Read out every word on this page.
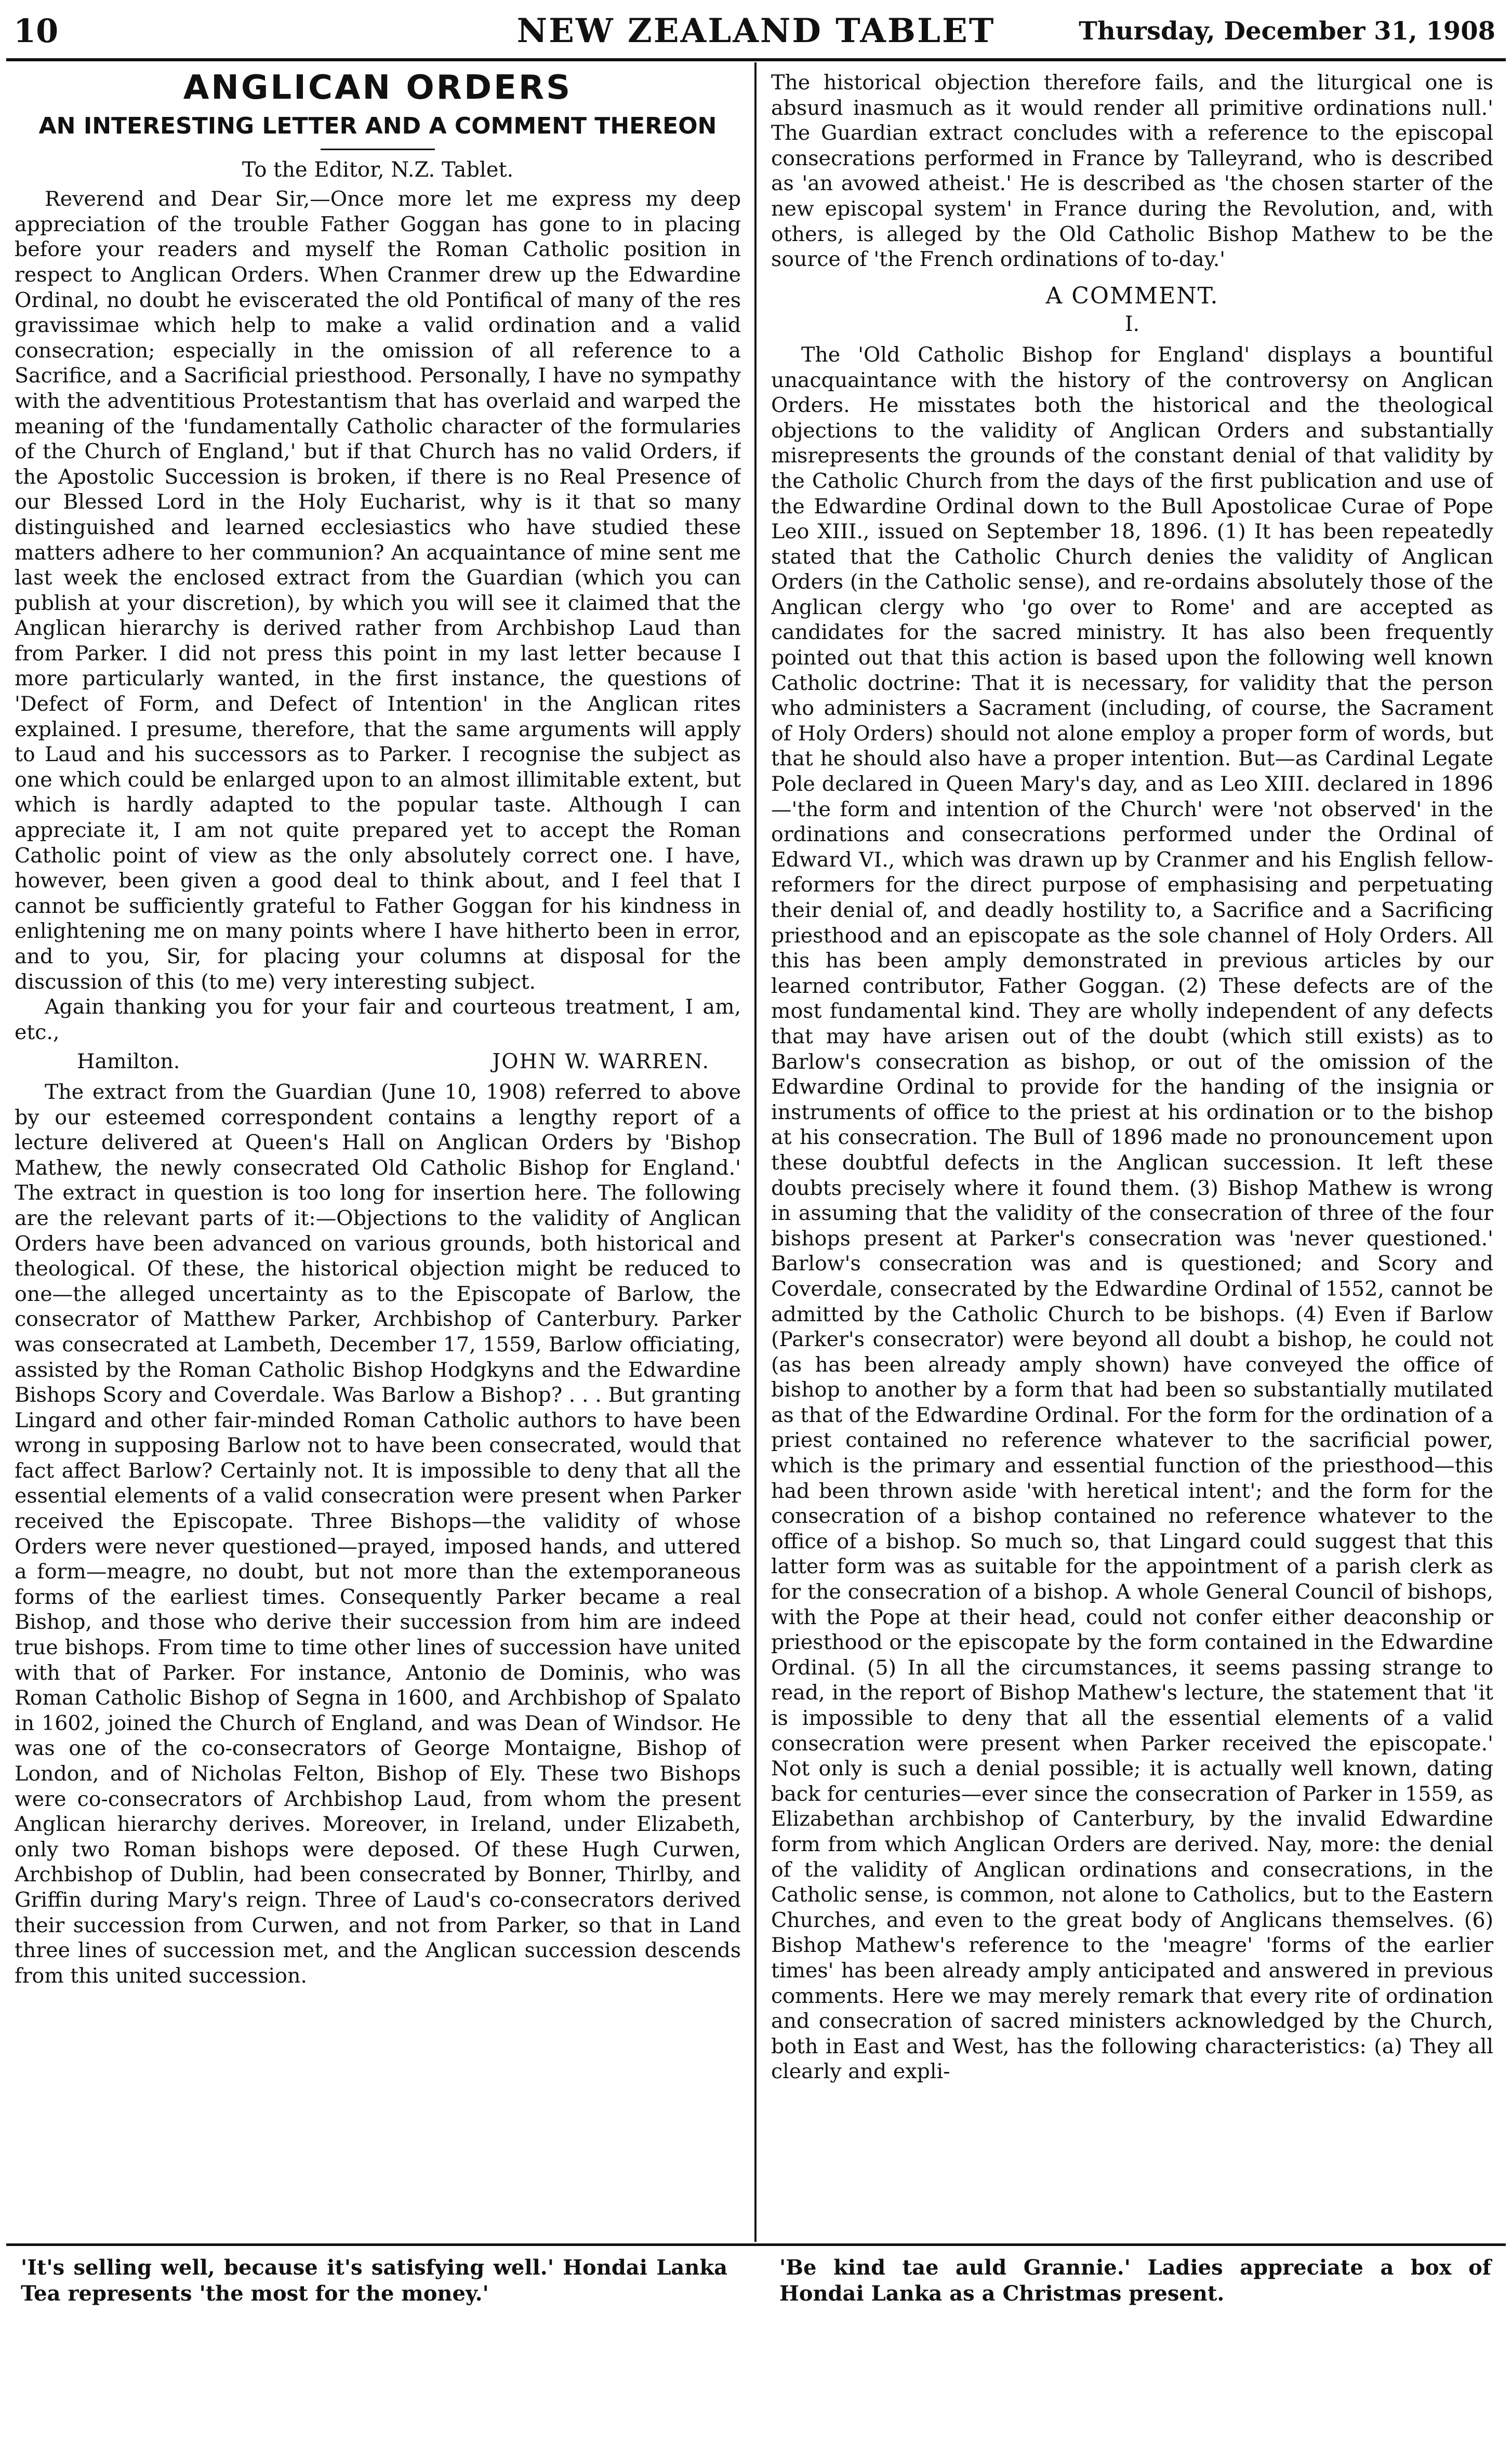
10	NEW ZEALAND TABLET	Thursday, December 31, 1908
ANGLICAN ORDERS
AN INTERESTING LETTER AND A COMMENT THEREON
To the Editor, N.Z. Tablet.

Reverend and Dear Sir,—Once more let me express my deep appreciation of the trouble Father Goggan has gone to in placing before your readers and myself the Roman Catholic position in respect to Anglican Orders. When Cranmer drew up the Edwardine Ordinal, no doubt he eviscerated the old Pontifical of many of the res gravissimae which help to make a valid ordination and a valid consecration; especially in the omission of all reference to a Sacrifice, and a Sacrificial priesthood. Personally, I have no sympathy with the adventitious Protestantism that has overlaid and warped the meaning of the 'fundamentally Catholic character of the formularies of the Church of England,' but if that Church has no valid Orders, if the Apostolic Succession is broken, if there is no Real Presence of our Blessed Lord in the Holy Eucharist, why is it that so many distinguished and learned ecclesiastics who have studied these matters adhere to her communion? An acquaintance of mine sent me last week the enclosed extract from the Guardian (which you can publish at your discretion), by which you will see it claimed that the Anglican hierarchy is derived rather from Archbishop Laud than from Parker. I did not press this point in my last letter because I more particularly wanted, in the first instance, the questions of 'Defect of Form, and Defect of Intention' in the Anglican rites explained. I presume, therefore, that the same arguments will apply to Laud and his successors as to Parker. I recognise the subject as one which could be enlarged upon to an almost illimitable extent, but which is hardly adapted to the popular taste. Although I can appreciate it, I am not quite prepared yet to accept the Roman Catholic point of view as the only absolutely correct one. I have, however, been given a good deal to think about, and I feel that I cannot be sufficiently grateful to Father Goggan for his kindness in enlightening me on many points where I have hitherto been in error, and to you, Sir, for placing your columns at disposal for the discussion of this (to me) very interesting subject.

Again thanking you for your fair and courteous treatment, I am, etc.,

Hamilton.	JOHN W. WARREN.

The extract from the Guardian (June 10, 1908) referred to above by our esteemed correspondent contains a lengthy report of a lecture delivered at Queen's Hall on Anglican Orders by 'Bishop Mathew, the newly consecrated Old Catholic Bishop for England.' The extract in question is too long for insertion here. The following are the relevant parts of it:—Objections to the validity of Anglican Orders have been advanced on various grounds, both historical and theological. Of these, the historical objection might be reduced to one—the alleged uncertainty as to the Episcopate of Barlow, the consecrator of Matthew Parker, Archbishop of Canterbury. Parker was consecrated at Lambeth, December 17, 1559, Barlow officiating, assisted by the Roman Catholic Bishop Hodgkyns and the Edwardine Bishops Scory and Coverdale. Was Barlow a Bishop? . . . But granting Lingard and other fair-minded Roman Catholic authors to have been wrong in supposing Barlow not to have been consecrated, would that fact affect Barlow? Certainly not. It is impossible to deny that all the essential elements of a valid consecration were present when Parker received the Episcopate. Three Bishops—the validity of whose Orders were never questioned—prayed, imposed hands, and uttered a form—meagre, no doubt, but not more than the extemporaneous forms of the earliest times. Consequently Parker became a real Bishop, and those who derive their succession from him are indeed true bishops. From time to time other lines of succession have united with that of Parker. For instance, Antonio de Dominis, who was Roman Catholic Bishop of Segna in 1600, and Archbishop of Spalato in 1602, joined the Church of England, and was Dean of Windsor. He was one of the co-consecrators of George Montaigne, Bishop of London, and of Nicholas Felton, Bishop of Ely. These two Bishops were co-consecrators of Archbishop Laud, from whom the present Anglican hierarchy derives. Moreover, in Ireland, under Elizabeth, only two Roman bishops were deposed. Of these Hugh Curwen, Archbishop of Dublin, had been consecrated by Bonner, Thirlby, and Griffin during Mary's reign. Three of Laud's co-consecrators derived their succession from Curwen, and not from Parker, so that in Land three lines of succession met, and the Anglican succession descends from this united succession.

The historical objection therefore fails, and the liturgical one is absurd inasmuch as it would render all primitive ordinations null.' The Guardian extract concludes with a reference to the episcopal consecrations performed in France by Talleyrand, who is described as 'an avowed atheist.' He is described as 'the chosen starter of the new episcopal system' in France during the Revolution, and, with others, is alleged by the Old Catholic Bishop Mathew to be the source of 'the French ordinations of to-day.'

A COMMENT.
I.

The 'Old Catholic Bishop for England' displays a bountiful unacquaintance with the history of the controversy on Anglican Orders. He misstates both the historical and the theological objections to the validity of Anglican Orders and substantially misrepresents the grounds of the constant denial of that validity by the Catholic Church from the days of the first publication and use of the Edwardine Ordinal down to the Bull Apostolicae Curae of Pope Leo XIII., issued on September 18, 1896. (1) It has been repeatedly stated that the Catholic Church denies the validity of Anglican Orders (in the Catholic sense), and re-ordains absolutely those of the Anglican clergy who 'go over to Rome' and are accepted as candidates for the sacred ministry. It has also been frequently pointed out that this action is based upon the following well known Catholic doctrine: That it is necessary, for validity that the person who administers a Sacrament (including, of course, the Sacrament of Holy Orders) should not alone employ a proper form of words, but that he should also have a proper intention. But—as Cardinal Legate Pole declared in Queen Mary's day, and as Leo XIII. declared in 1896—'the form and intention of the Church' were 'not observed' in the ordinations and consecrations performed under the Ordinal of Edward VI., which was drawn up by Cranmer and his English fellow-reformers for the direct purpose of emphasising and perpetuating their denial of, and deadly hostility to, a Sacrifice and a Sacrificing priesthood and an episcopate as the sole channel of Holy Orders. All this has been amply demonstrated in previous articles by our learned contributor, Father Goggan. (2) These defects are of the most fundamental kind. They are wholly independent of any defects that may have arisen out of the doubt (which still exists) as to Barlow's consecration as bishop, or out of the omission of the Edwardine Ordinal to provide for the handing of the insignia or instruments of office to the priest at his ordination or to the bishop at his consecration. The Bull of 1896 made no pronouncement upon these doubtful defects in the Anglican succession. It left these doubts precisely where it found them. (3) Bishop Mathew is wrong in assuming that the validity of the consecration of three of the four bishops present at Parker's consecration was 'never questioned.' Barlow's consecration was and is questioned; and Scory and Coverdale, consecrated by the Edwardine Ordinal of 1552, cannot be admitted by the Catholic Church to be bishops. (4) Even if Barlow (Parker's consecrator) were beyond all doubt a bishop, he could not (as has been already amply shown) have conveyed the office of bishop to another by a form that had been so substantially mutilated as that of the Edwardine Ordinal. For the form for the ordination of a priest contained no reference whatever to the sacrificial power, which is the primary and essential function of the priesthood—this had been thrown aside 'with heretical intent'; and the form for the consecration of a bishop contained no reference whatever to the office of a bishop. So much so, that Lingard could suggest that this latter form was as suitable for the appointment of a parish clerk as for the consecration of a bishop. A whole General Council of bishops, with the Pope at their head, could not confer either deaconship or priesthood or the episcopate by the form contained in the Edwardine Ordinal. (5) In all the circumstances, it seems passing strange to read, in the report of Bishop Mathew's lecture, the statement that 'it is impossible to deny that all the essential elements of a valid consecration were present when Parker received the episcopate.' Not only is such a denial possible; it is actually well known, dating back for centuries—ever since the consecration of Parker in 1559, as Elizabethan archbishop of Canterbury, by the invalid Edwardine form from which Anglican Orders are derived. Nay, more: the denial of the validity of Anglican ordinations and consecrations, in the Catholic sense, is common, not alone to Catholics, but to the Eastern Churches, and even to the great body of Anglicans themselves. (6) Bishop Mathew's reference to the 'meagre' 'forms of the earlier times' has been already amply anticipated and answered in previous comments. Here we may merely remark that every rite of ordination and consecration of sacred ministers acknowledged by the Church, both in East and West, has the following characteristics: (a) They all clearly and expli-

'It's selling well, because it's satisfying well.' Hondai Lanka Tea represents 'the most for the money.'
'Be kind tae auld Grannie.' Ladies appreciate a box of Hondai Lanka as a Christmas present.
